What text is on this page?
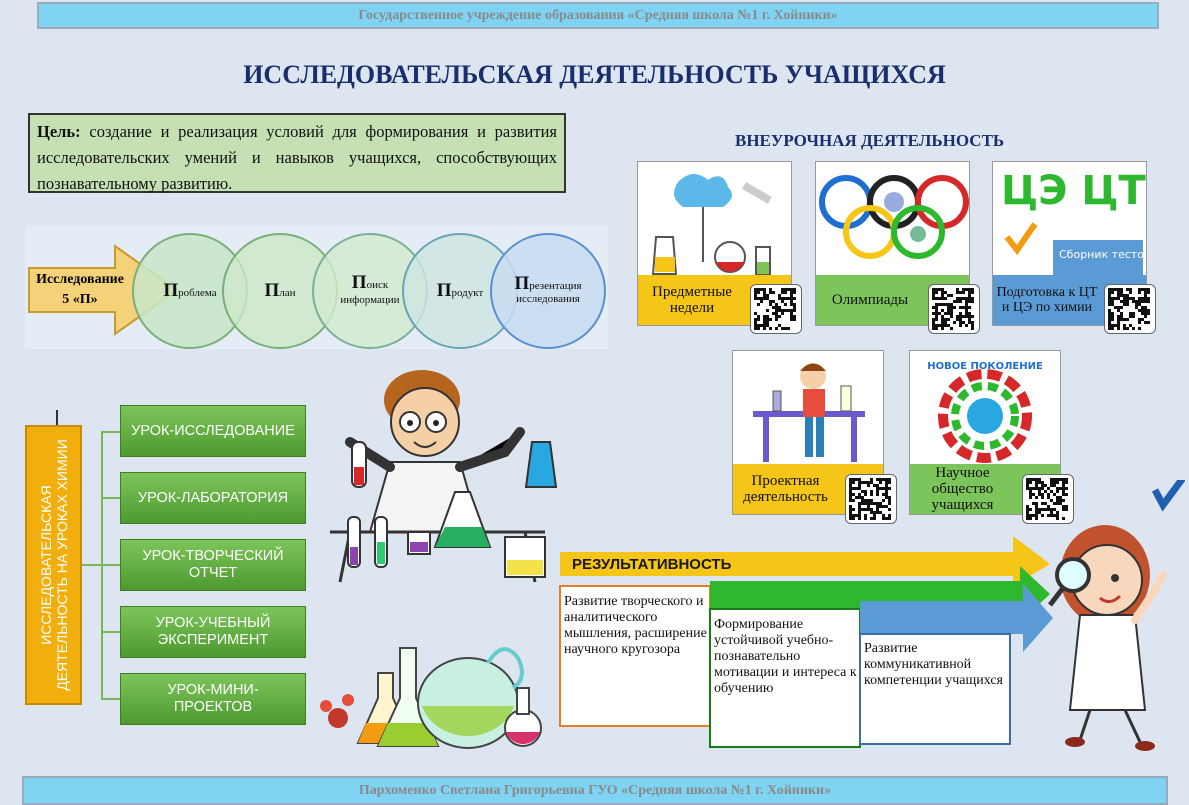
Государственное учреждение образования «Средняя школа №1 г. Хойники»
ИССЛЕДОВАТЕЛЬСКАЯ ДЕЯТЕЛЬНОСТЬ УЧАЩИХСЯ
Цель: создание и реализация условий для формирования и развития исследовательских умений и навыков учащихся, способствующих познавательному развитию.
Исследование
5 «П»	Проблема	План
Поиск
информации Продукт Презентация
исследования
ИССЛЕДОВАТЕЛЬСКАЯ ДЕЯТЕЛЬНОСТЬ НА УРОКАХ ХИМИИ
УРОК-ИССЛЕДОВАНИЕ
УРОК-ЛАБОРАТОРИЯ
УРОК-ТВОРЧЕСКИЙ ОТЧЕТ
УРОК-УЧЕБНЫЙ ЭКСПЕРИМЕНТ
УРОК-МИНИ-ПРОЕКТОВ
ВНЕУРОЧНАЯ ДЕЯТЕЛЬНОСТЬ
Предметные недели	Олимпиады
ЦЭ ЦТ
Сборник тестов
Подготовка к ЦТ и ЦЭ по химии
Проектная деятельность
НОВОЕ ПОКОЛЕНИЕ
Научное общество учащихся
РЕЗУЛЬТАТИВНОСТЬ
Развитие творческого и аналитического мышления, расширение научного кругозора
Формирование устойчивой учебно-познавательно мотивации и интереса к обучению
Развитие коммуникативной компетенции учащихся
Пархоменко Светлана Григорьевна ГУО «Средняя школа №1 г. Хойники»
